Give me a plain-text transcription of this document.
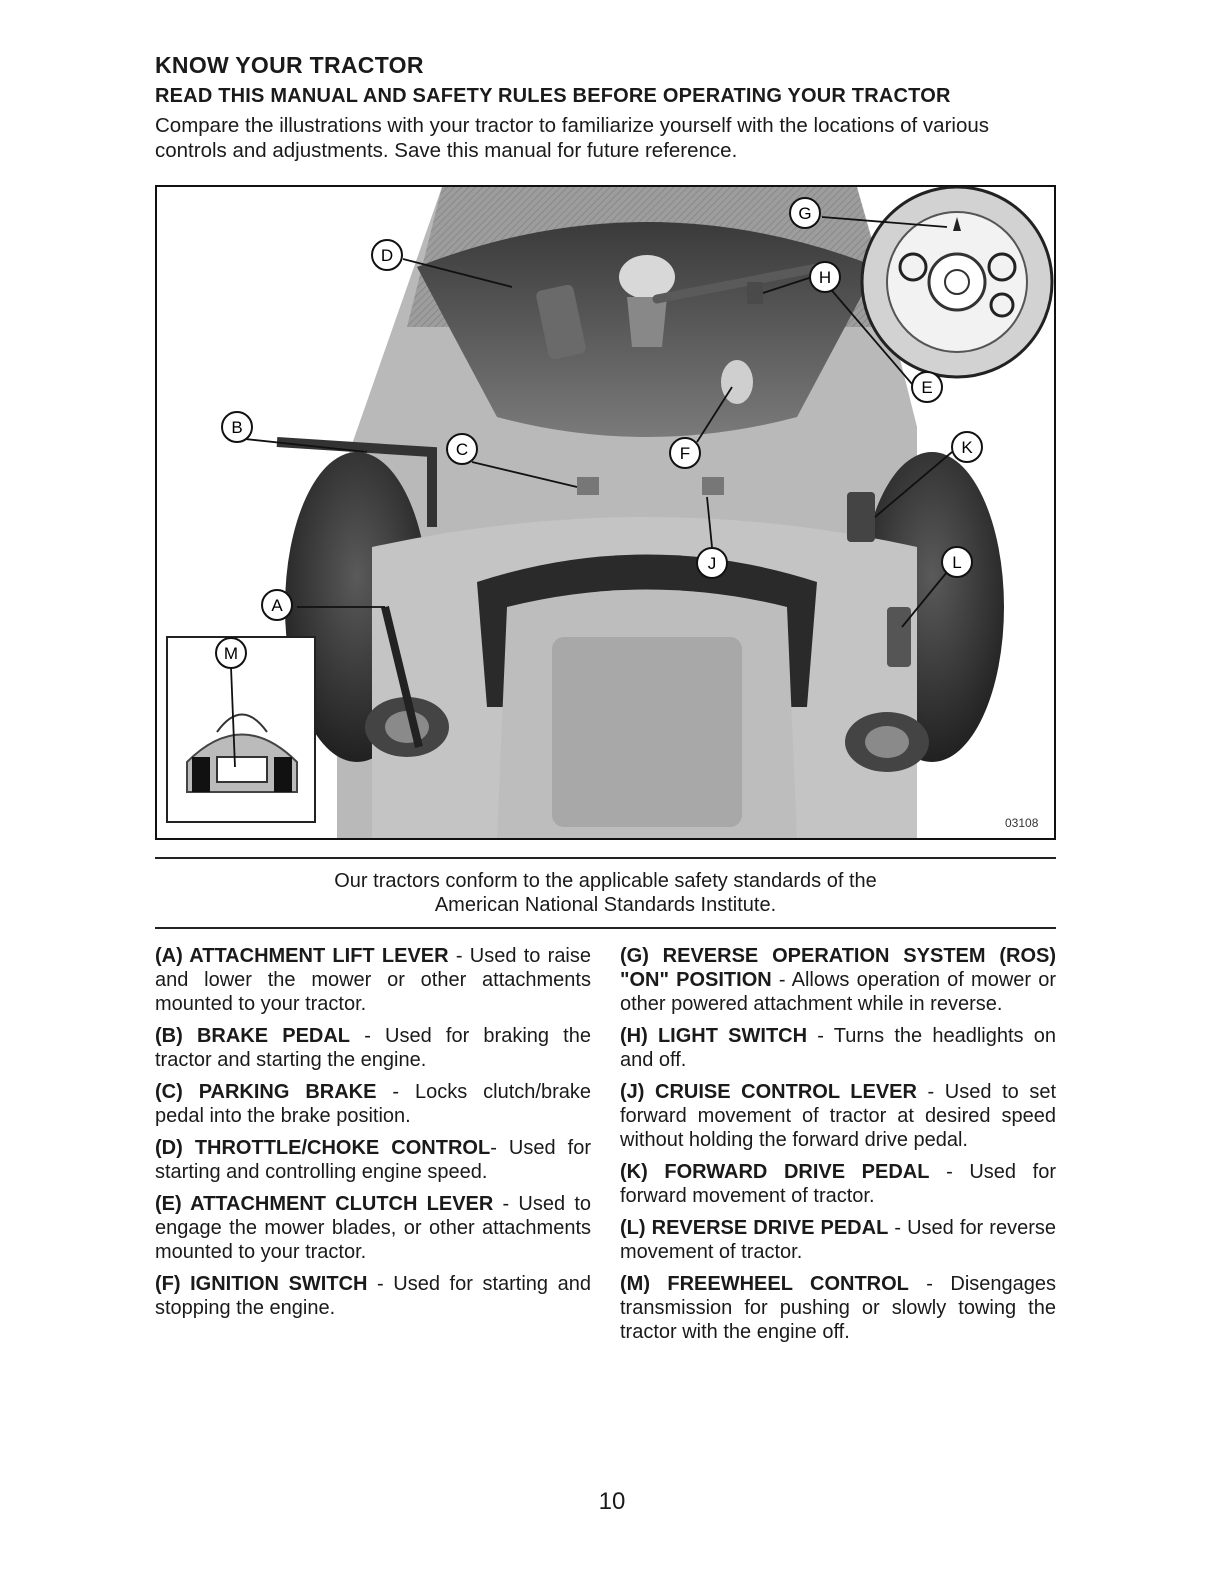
KNOW YOUR TRACTOR
READ THIS MANUAL AND SAFETY RULES BEFORE OPERATING YOUR TRACTOR
Compare the illustrations with your tractor to familiarize yourself with the locations of various controls and adjustments. Save this manual for future reference.
D
B
C
A
M
F
G
H
E
J
K
L
03108
Our tractors conform to the applicable safety standards of the
American National Standards Institute.

(A) ATTACHMENT LIFT LEVER - Used to raise and lower the mower or other attachments mounted to your tractor.

(B) BRAKE PEDAL - Used for braking the tractor and starting the engine.

(C) PARKING BRAKE - Locks clutch/brake pedal into the brake position.

(D) THROTTLE/CHOKE CONTROL- Used for starting and controlling engine speed.

(E) ATTACHMENT CLUTCH LEVER - Used to engage the mower blades, or other attachments mounted to your tractor.

(F) IGNITION SWITCH - Used for starting and stopping the engine.

(G) REVERSE OPERATION SYSTEM (ROS) "ON" POSITION - Allows operation of mower or other powered attachment while in reverse.

(H) LIGHT SWITCH - Turns the headlights on and off.

(J) CRUISE CONTROL LEVER - Used to set forward movement of tractor at desired speed without holding the forward drive pedal.

(K) FORWARD DRIVE PEDAL - Used for forward movement of tractor.

(L) REVERSE DRIVE PEDAL - Used for reverse movement of tractor.

(M) FREEWHEEL CONTROL - Disengages transmission for pushing or slowly towing the tractor with the engine off.

10
